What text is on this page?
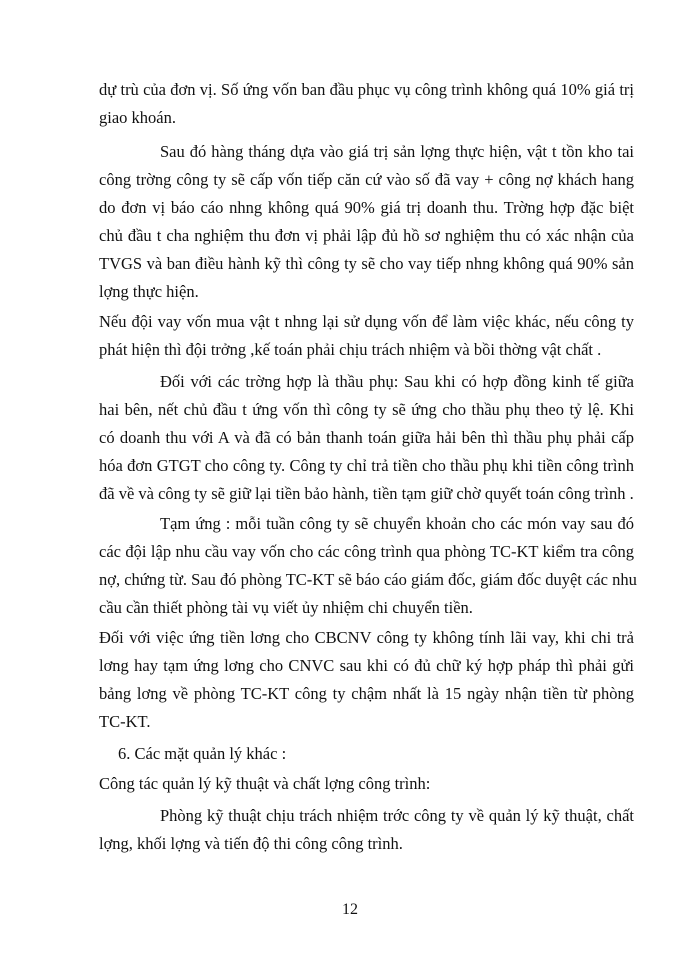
dự trù của đơn vị. Số ứng vốn ban đầu phục vụ công trình không quá 10% giá trị
giao khoán.
Sau đó hàng tháng dựa vào giá trị sản lợng thực hiện, vật t tồn kho tai
công trờng công ty sẽ cấp vốn tiếp căn cứ vào số đã vay + công nợ khách hang
do đơn vị báo cáo nhng không quá 90% giá trị doanh thu. Trờng hợp đặc biệt
chủ đầu t cha nghiệm thu đơn vị phải lập đủ hồ sơ nghiệm thu có xác nhận của
TVGS và ban điều hành kỹ thì công ty sẽ cho vay tiếp nhng không quá 90% sản
lợng thực hiện.
Nếu đội vay vốn mua vật t nhng lại sử dụng vốn để làm việc khác, nếu công ty
phát hiện thì đội trởng ,kế toán phải chịu trách nhiệm và bồi thờng vật chất .
Đối với các trờng hợp là thầu phụ: Sau khi có hợp đồng kinh tế giữa
hai bên, nết chủ đầu t ứng vốn thì công ty sẽ ứng cho thầu phụ theo tỷ lệ. Khi
có doanh thu với A và đã có bản thanh toán giữa hải bên thì thầu phụ phải cấp
hóa đơn GTGT cho công ty. Công ty chỉ trả tiền cho thầu phụ khi tiền công trình
đã về và công ty sẽ giữ lại tiền bảo hành, tiền tạm giữ chờ quyết toán công trình .
Tạm ứng : mỗi tuần công ty sẽ chuyển khoản cho các món vay sau đó
các đội lập nhu cầu vay vốn cho các công trình qua phòng TC-KT kiểm tra công
nợ, chứng từ. Sau đó phòng TC-KT sẽ báo cáo giám đốc, giám đốc duyệt các nhu
cầu cần thiết phòng tài vụ viết ủy nhiệm chi chuyển tiền.
Đối với việc ứng tiền lơng cho CBCNV công ty không tính lãi vay, khi chi trả
lơng hay tạm ứng lơng cho CNVC sau khi có đủ chữ ký hợp pháp thì phải gửi
bảng lơng về phòng TC-KT công ty chậm nhất là 15 ngày nhận tiền từ phòng
TC-KT.
6. Các mặt quản lý khác :
Công tác quản lý kỹ thuật và chất lợng công trình:
Phòng kỹ thuật chịu trách nhiệm trớc công ty về quản lý kỹ thuật, chất
lợng, khối lợng và tiến độ thi công công trình.
12
